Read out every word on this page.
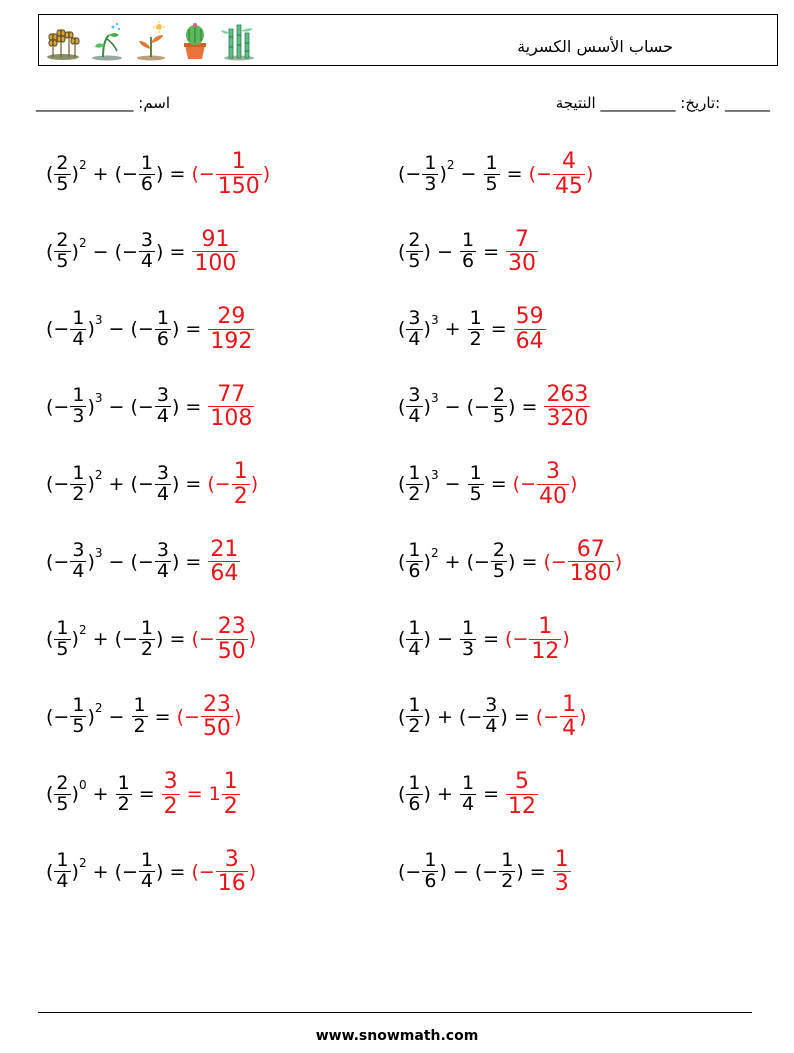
حساب الأسس الكسرية
_____________ :اسم	______ :تاريخ: __________ النتيجة
( $\frac{2}{5} )^2$ + (− $\frac{1}{6}$ ) = (− $\frac{1}{150}$ )	(− $\frac{1}{3} )^2 - \frac{1}{5}$ = (− $\frac{4}{45}$ )
( $\frac{2}{5} )^2$ − (− $\frac{3}{4}$ ) = $\frac{91}{100}$	( $\frac{2}{5}$ ) − $\frac{1}{6} = \frac{7}{30}$
(− $\frac{1}{4} )^3$ − (− $\frac{1}{6}$ ) = $\frac{29}{192}$	( $\frac{3}{4} )^3 + \frac{1}{2} = \frac{59}{64}$
(− $\frac{1}{3} )^3$ − (− $\frac{3}{4}$ ) = $\frac{77}{108}$	( $\frac{3}{4} )^3$ − (− $\frac{2}{5}$ ) = $\frac{263}{320}$
(− $\frac{1}{2} )^2$ + (− $\frac{3}{4}$ ) = (− $\frac{1}{2}$ )	( $\frac{1}{2} )^3 - \frac{1}{5}$ = (− $\frac{3}{40}$ )
(− $\frac{3}{4} )^3$ − (− $\frac{3}{4}$ ) = $\frac{21}{64}$	( $\frac{1}{6} )^2$ + (− $\frac{2}{5}$ ) = (− $\frac{67}{180}$ )
( $\frac{1}{5} )^2$ + (− $\frac{1}{2}$ ) = (− $\frac{23}{50}$ )	( $\frac{1}{4}$ ) − $\frac{1}{3}$ = (− $\frac{1}{12}$ )
(− $\frac{1}{5} )^2 - \frac{1}{2}$ = (− $\frac{23}{50}$ )	( $\frac{1}{2}$ ) + (− $\frac{3}{4}$ ) = (− $\frac{1}{4}$ )
( $\frac{2}{5} )^0 + \frac{1}{2} = \frac{3}{2} = 1 \frac{1}{2}$	( $\frac{1}{6}$ ) + $\frac{1}{4} = \frac{5}{12}$
( $\frac{1}{4} )^2$ + (− $\frac{1}{4}$ ) = (− $\frac{3}{16}$ )	(− $\frac{1}{6}$ ) − (− $\frac{1}{2}$ ) = $\frac{1}{3}$
www.snowmath.com
